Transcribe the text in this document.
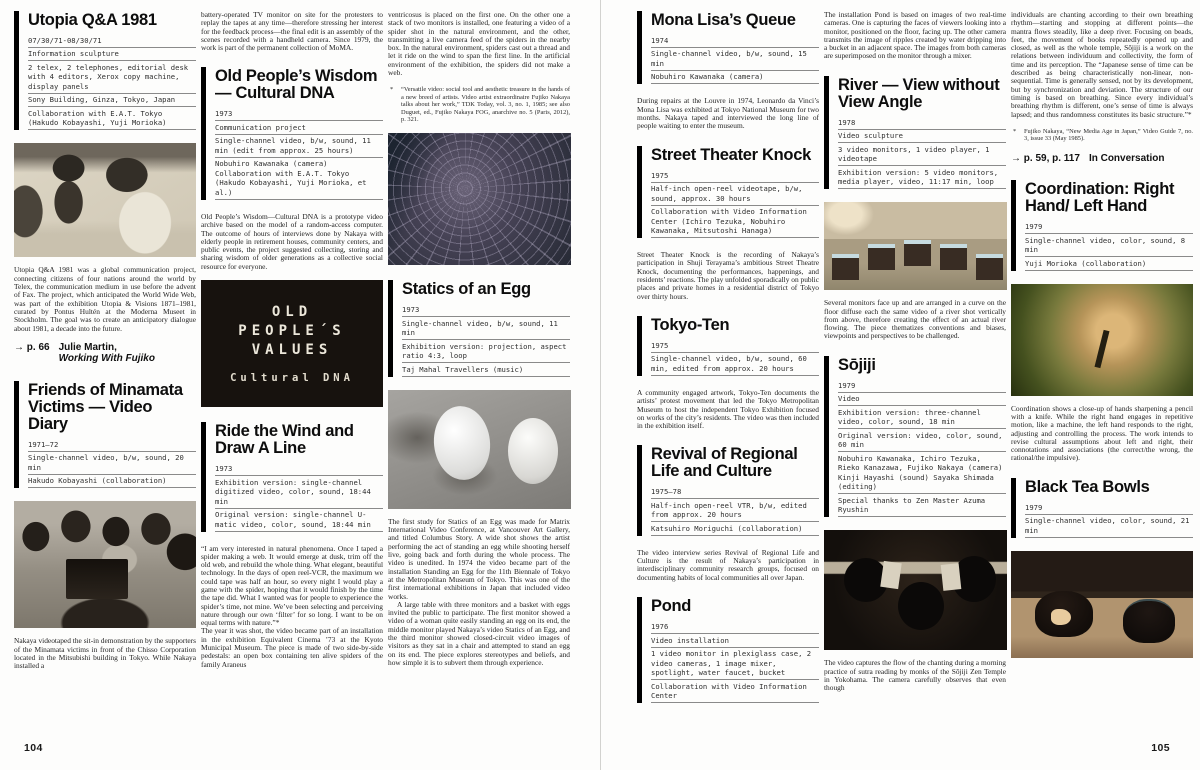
Utopia Q&A 1981
07/30/71-08/30/71
Information sculpture
2 telex, 2 telephones, editorial desk with 4 editors, Xerox copy machine, display panels
Sony Building, Ginza, Tokyo, Japan
Collaboration with E.A.T. Tokyo (Hakudo Kobayashi, Yuji Morioka)

Utopia Q&A 1981 was a global communication project, connecting citizens of four nations around the world by Telex, the communication medium in use before the advent of Fax. The project, which anticipated the World Wide Web, was part of the exhibition Utopia & Visions 1871–1981, curated by Pontus Hultén at the Moderna Museet in Stockholm. The goal was to create an anticipatory dialogue about 1981, a decade into the future.

→ p. 66 Julie Martin,
Working With Fujiko
Friends of Minamata Victims — Video Diary
1971–72
Single-channel video, b/w, sound, 20 min
Hakudo Kobayashi (collaboration)

Nakaya videotaped the sit-in demonstration by the supporters of the Minamata victims in front of the Chisso Corporation located in the Mitsubishi building in Tokyo. While Nakaya installed a

battery-operated TV monitor on site for the protesters to replay the tapes at any time—therefore stressing her interest for the feedback process—the final edit is an assembly of the scenes recorded with a handheld camera. Since 1979, the work is part of the permanent collection of MoMA.

Old People’s Wisdom — Cultural DNA
1973
Communication project
Single-channel video, b/w, sound, 11 min (edit from approx. 25 hours)
Nobuhiro Kawanaka (camera) Collaboration with E.A.T. Tokyo (Hakudo Kobayashi, Yuji Morioka, et al.)

Old People’s Wisdom—Cultural DNA is a prototype video archive based on the model of a random-access computer. The outcome of hours of interviews done by Nakaya with elderly people in retirement houses, community centers, and public events, the project suggested collecting, storing and sharing wisdom of older generations as a collective social resource for everyone.

OLD
PEOPLE´S
VALUES
Cultural DNA
Ride the Wind and Draw A Line
1973
Exhibition version: single-channel digitized video, color, sound, 18:44 min
Original version: single-channel U-matic video, color, sound, 18:44 min

“I am very interested in natural phenomena. Once I taped a spider making a web. It would emerge at dusk, trim off the old web, and rebuild the whole thing. What elegant, beautiful technology. In the days of open reel-VCR, the maximum we could tape was half an hour, so every night I would play a game with the spider, hoping that it would finish by the time the tape did. What I wanted was for people to experience the spider’s time, not mine. We’ve been selecting and perceiving nature through our own ‘filter’ for so long. I want to be on equal terms with nature.”*

The year it was shot, the video became part of an installation in the exhibition Equivalent Cinema ’73 at the Kyoto Municipal Museum. The piece is made of two side-by-side pedestals: an open box containing ten alive spiders of the family Araneus

ventricosus is placed on the first one. On the other one a stack of two monitors is installed, one featuring a video of a spider shot in the natural environment, and the other, transmitting a live camera feed of the spiders in the nearby box. In the natural environment, spiders cast out a thread and let it ride on the wind to span the first line. In the artificial environment of the exhibition, the spiders did not make a web.

*	“Versatile video: social tool and aesthetic treasure in the hands of a new breed of artists. Video artist extraordinaire Fujiko Nakaya talks about her work,” TDK Today, vol. 3, no. 1, 1985; see also Duguet, ed., Fujiko Nakaya FOG, anarchive no. 5 (Paris, 2012), p. 321.
Statics of an Egg
1973
Single-channel video, b/w, sound, 11 min
Exhibition version: projection, aspect ratio 4:3, loop
Taj Mahal Travellers (music)

The first study for Statics of an Egg was made for Matrix International Video Conference, at Vancouver Art Gallery, and titled Columbus Story. A wide shot shows the artist performing the act of standing an egg while shooting herself live, going back and forth during the whole process. The video is unedited. In 1974 the video became part of the installation Standing an Egg for the 11th Biennale of Tokyo at the Metropolitan Museum of Tokyo. This was one of the first international exhibitions in Japan that included video works.

A large table with three monitors and a basket with eggs invited the public to participate. The first monitor showed a video of a woman quite easily standing an egg on its end, the middle monitor played Nakaya’s video Statics of an Egg, and the third monitor showed closed-circuit video images of visitors as they sat in a chair and attempted to stand an egg on its end. The piece explores stereotypes and beliefs, and how simple it is to subvert them through experience.

104
Mona Lisa’s Queue
1974
Single-channel video, b/w, sound, 15 min
Nobuhiro Kawanaka (camera)

During repairs at the Louvre in 1974, Leonardo da Vinci’s Mona Lisa was exhibited at Tokyo National Museum for two months. Nakaya taped and interviewed the long line of people waiting to enter the museum.

Street Theater Knock
1975
Half-inch open-reel videotape, b/w, sound, approx. 30 hours
Collaboration with Video Information Center (Ichiro Tezuka, Nobuhiro Kawanaka, Mitsutoshi Hanaga)

Street Theater Knock is the recording of Nakaya’s participation in Shuji Terayama’s ambitious Street Theatre Knock, documenting the performances, happenings, and residents’ reactions. The play unfolded sporadically on public places and private homes in a residential district of Tokyo over thirty hours.

Tokyo-Ten
1975
Single-channel video, b/w, sound, 60 min, edited from approx. 20 hours

A community engaged artwork, Tokyo-Ten documents the artists’ protest movement that led the Tokyo Metropolitan Museum to host the independent Tokyo Exhibition focused on works of the city’s residents. The video was then included in the exhibition itself.

Revival of Regional Life and Culture
1975–78
Half-inch open-reel VTR, b/w, edited from approx. 20 hours
Katsuhiro Moriguchi (collaboration)

The video interview series Revival of Regional Life and Culture is the result of Nakaya’s participation in interdisciplinary community research groups, focused on documenting habits of local communities all over Japan.

Pond
1976
Video installation
1 video monitor in plexiglass case, 2 video cameras, 1 image mixer, spotlight, water faucet, bucket
Collaboration with Video Information Center

The installation Pond is based on images of two real-time cameras. One is capturing the faces of viewers looking into a monitor, positioned on the floor, facing up. The other camera transmits the image of ripples created by water dripping into a bucket in an adjacent space. The images from both cameras are superimposed on the monitor through a mixer.

River — View without View Angle
1978
Video sculpture
3 video monitors, 1 video player, 1 videotape
Exhibition version: 5 video monitors, media player, video, 11:17 min, loop

Several monitors face up and are arranged in a curve on the floor diffuse each the same video of a river shot vertically from above, therefore creating the effect of an actual river flowing. The piece thematizes conventions and biases, viewpoints and perspectives to be challenged.

Sōjiji
1979
Video
Exhibition version: three-channel video, color, sound, 18 min
Original version: video, color, sound, 60 min
Nobuhiro Kawanaka, Ichiro Tezuka, Rieko Kanazawa, Fujiko Nakaya (camera) Kinji Hayashi (sound) Sayaka Shimada (editing)
Special thanks to Zen Master Azuma Ryushin

The video captures the flow of the chanting during a morning practice of sutra reading by monks of the Sōjiji Zen Temple in Yokohama. The camera carefully observes that even though

individuals are chanting according to their own breathing rhythm—starting and stopping at different points—the mantra flows steadily, like a deep river. Focusing on beads, feet, the movement of books repeatedly opened up and closed, as well as the whole temple, Sōjiji is a work on the relations between individuum and collectivity, the form of time and its perception. The “Japanese sense of time can be described as being characteristically non-linear, non-sequential. Time is generally sensed, not by its development, but by synchronization and deviation. The structure of our timing is based on breathing. Since every individual’s breathing rhythm is different, one’s sense of time is always lapsed; and thus randomness constitutes its basic structure.”*

*	Fujiko Nakaya, “New Media Age in Japan,” Video Guide 7, no. 3, issue 33 (May 1985).
→ p. 59, p. 117 In Conversation
Coordination: Right Hand/ Left Hand
1979
Single-channel video, color, sound, 8 min
Yuji Morioka (collaboration)

Coordination shows a close-up of hands sharpening a pencil with a knife. While the right hand engages in repetitive motion, like a machine, the left hand responds to the right, adjusting and controlling the process. The work intends to revise cultural assumptions about left and right, their connotations and associations (the correct/the wrong, the rational/the impulsive).

Black Tea Bowls
1979
Single-channel video, color, sound, 21 min
105
